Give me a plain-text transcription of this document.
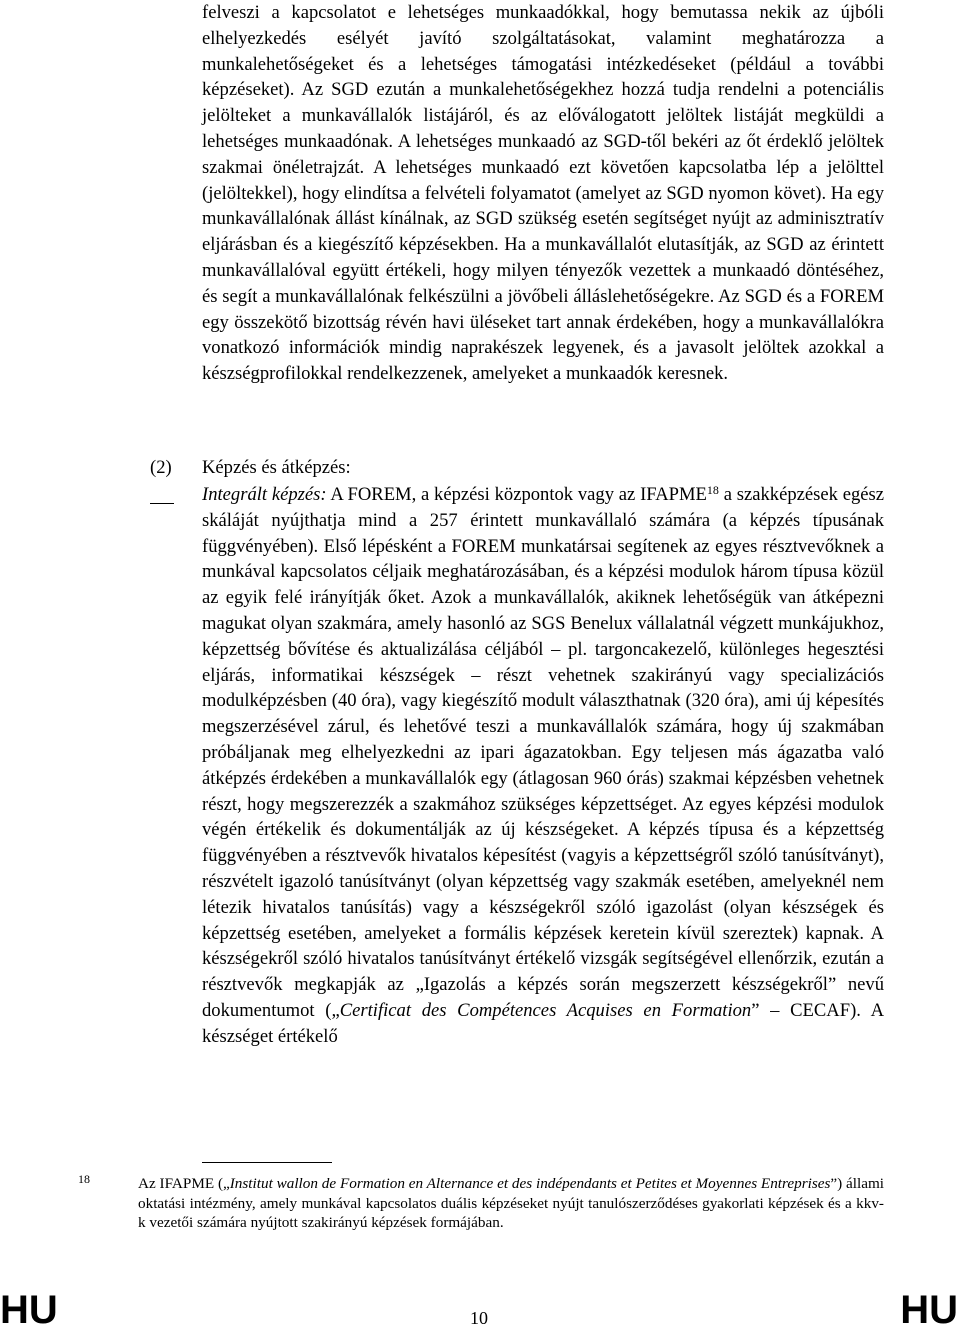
felveszi a kapcsolatot e lehetséges munkaadókkal, hogy bemutassa nekik az újbóli elhelyezkedés esélyét javító szolgáltatásokat, valamint meghatározza a munkalehetőségeket és a lehetséges támogatási intézkedéseket (például a további képzéseket). Az SGD ezután a munkalehetőségekhez hozzá tudja rendelni a potenciális jelölteket a munkavállalók listájáról, és az előválogatott jelöltek listáját megküldi a lehetséges munkaadónak. A lehetséges munkaadó az SGD-től bekéri az őt érdeklő jelöltek szakmai önéletrajzát. A lehetséges munkaadó ezt követően kapcsolatba lép a jelölttel (jelöltekkel), hogy elindítsa a felvételi folyamatot (amelyet az SGD nyomon követ). Ha egy munkavállalónak állást kínálnak, az SGD szükség esetén segítséget nyújt az adminisztratív eljárásban és a kiegészítő képzésekben. Ha a munkavállalót elutasítják, az SGD az érintett munkavállalóval együtt értékeli, hogy milyen tényezők vezettek a munkaadó döntéséhez, és segít a munkavállalónak felkészülni a jövőbeli álláslehetőségekre. Az SGD és a FOREM egy összekötő bizottság révén havi üléseket tart annak érdekében, hogy a munkavállalókra vonatkozó információk mindig naprakészek legyenek, és a javasolt jelöltek azokkal a készségprofilokkal rendelkezzenek, amelyeket a munkaadók keresnek.

(2) Képzés és átképzés:

Integrált képzés: A FOREM, a képzési központok vagy az IFAPME$^{18}$ a szakképzések egész skáláját nyújthatja mind a 257 érintett munkavállaló számára (a képzés típusának függvényében). Első lépésként a FOREM munkatársai segítenek az egyes résztvevőknek a munkával kapcsolatos céljaik meghatározásában, és a képzési modulok három típusa közül az egyik felé irányítják őket. Azok a munkavállalók, akiknek lehetőségük van átképezni magukat olyan szakmára, amely hasonló az SGS Benelux vállalatnál végzett munkájukhoz, képzettség bővítése és aktualizálása céljából – pl. targoncakezelő, különleges hegesztési eljárás, informatikai készségek – részt vehetnek szakirányú vagy specializációs modulképzésben (40 óra), vagy kiegészítő modult választhatnak (320 óra), ami új képesítés megszerzésével zárul, és lehetővé teszi a munkavállalók számára, hogy új szakmában próbáljanak meg elhelyezkedni az ipari ágazatokban. Egy teljesen más ágazatba való átképzés érdekében a munkavállalók egy (átlagosan 960 órás) szakmai képzésben vehetnek részt, hogy megszerezzék a szakmához szükséges képzettséget. Az egyes képzési modulok végén értékelik és dokumentálják az új készségeket. A képzés típusa és a képzettség függvényében a résztvevők hivatalos képesítést (vagyis a képzettségről szóló tanúsítványt), részvételt igazoló tanúsítványt (olyan képzettség vagy szakmák esetében, amelyeknél nem létezik hivatalos tanúsítás) vagy a készségekről szóló igazolást (olyan készségek és képzettség esetében, amelyeket a formális képzések keretein kívül szereztek) kapnak. A készségekről szóló hivatalos tanúsítványt értékelő vizsgák segítségével ellenőrzik, ezután a résztvevők megkapják az „Igazolás a képzés során megszerzett készségekről” nevű dokumentumot („Certificat des Compétences Acquises en Formation” – CECAF). A készséget értékelő

18	Az IFAPME („Institut wallon de Formation en Alternance et des indépendants et Petites et Moyennes Entreprises”) állami oktatási intézmény, amely munkával kapcsolatos duális képzéseket nyújt tanulószerződéses gyakorlati képzések és a kkv-k vezetői számára nyújtott szakirányú képzések formájában.
HU	10	HU
